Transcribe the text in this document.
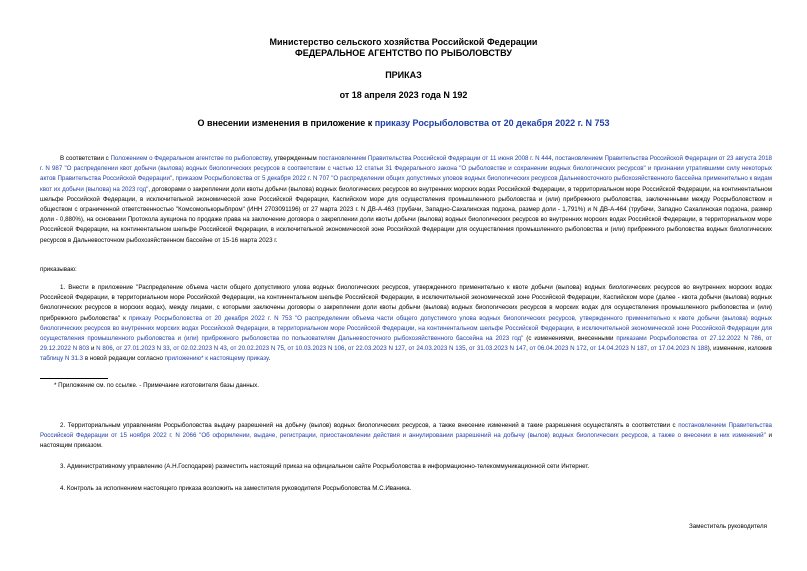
Министерство сельского хозяйства Российской Федерации
ФЕДЕРАЛЬНОЕ АГЕНТСТВО ПО РЫБОЛОВСТВУ
ПРИКАЗ
от 18 апреля 2023 года N 192
О внесении изменения в приложение к приказу Росрыболовства от 20 декабря 2022 г. N 753

В соответствии с Положением о Федеральном агентстве по рыболовству, утвержденным постановлением Правительства Российской Федерации от 11 июня 2008 г. N 444, постановлением Правительства Российской Федерации от 23 августа 2018 г. N 987 "О распределении квот добычи (вылова) водных биологических ресурсов в соответствии с частью 12 статьи 31 Федерального закона "О рыболовстве и сохранении водных биологических ресурсов" и признании утратившими силу некоторых актов Правительства Российской Федерации", приказом Росрыболовства от 5 декабря 2022 г. N 707 "О распределении общих допустимых уловов водных биологических ресурсов Дальневосточного рыбохозяйственного бассейна применительно к видам квот их добычи (вылова) на 2023 год", договорами о закреплении доли квоты добычи (вылова) водных биологических ресурсов во внутренних морских водах Российской Федерации, в территориальном море Российской Федерации, на континентальном шельфе Российской Федерации, в исключительной экономической зоне Российской Федерации, Каспийском море для осуществления промышленного рыболовства и (или) прибрежного рыболовства, заключенными между Росрыболовством и обществом с ограниченной ответственностью "Комсомолькорыбпром" (ИНН 2703091196) от 27 марта 2023 г. N ДВ-А-463 (трубачи, Западно-Сахалинская подзона, размер доли - 1,791%) и N ДВ-А-464 (трубачи, Западно Сахалинская подзона, размер доли - 0,880%), на основании Протокола аукциона по продаже права на заключение договора о закреплении доли квоты добычи (вылова) водных биологических ресурсов во внутренних морских водах Российской Федерации, в территориальном море Российской Федерации, на континентальном шельфе Российской Федерации, в исключительной экономической зоне Российской Федерации для осуществления промышленного рыболовства и (или) прибрежного рыболовства водных биологических ресурсов в Дальневосточном рыбохозяйственном бассейне от 15-16 марта 2023 г.

приказываю:

1. Внести в приложение "Распределение объема части общего допустимого улова водных биологических ресурсов, утвержденного применительно к квоте добычи (вылова) водных биологических ресурсов во внутренних морских водах Российской Федерации, в территориальном море Российской Федерации, на континентальном шельфе Российской Федерации, в исключительной экономической зоне Российской Федерации, Каспийском море (далее - квота добычи (вылова) водных биологических ресурсов в морских водах), между лицами, с которыми заключены договоры о закреплении доли квоты добычи (вылова) водных биологических ресурсов в морских водах для осуществления промышленного рыболовства и (или) прибрежного рыболовства" к приказу Росрыболовства от 20 декабря 2022 г. N 753 "О распределении объема части общего допустимого улова водных биологических ресурсов, утвержденного применительно к квоте добычи (вылова) водных биологических ресурсов во внутренних морских водах Российской Федерации, в территориальном море Российской Федерации, на континентальном шельфе Российской Федерации, в исключительной экономической зоне Российской Федерации для осуществления промышленного рыболовства и (или) прибрежного рыболовства по пользователям Дальневосточного рыбохозяйственного бассейна на 2023 год" (с изменениями, внесенными приказами Росрыболовства от 27.12.2022 N 786, от 29.12.2022 N 803 и N 806, от 27.01.2023 N 33, от 02.02.2023 N 43, от 20.02.2023 N 75, от 10.03.2023 N 106, от 22.03.2023 N 127, от 24.03.2023 N 135, от 31.03.2023 N 147, от 06.04.2023 N 172, от 14.04.2023 N 187, от 17.04.2023 N 188), изменение, изложив таблицу N 31.3 в новой редакции согласно приложению* к настоящему приказу.

* Приложение см. по ссылке. - Примечание изготовителя базы данных.

2. Территориальным управлениям Росрыболовства выдачу разрешений на добычу (вылов) водных биологических ресурсов, а также внесение изменений в такие разрешения осуществлять в соответствии с постановлением Правительства Российской Федерации от 15 ноября 2022 г. N 2066 "Об оформлении, выдаче, регистрации, приостановлении действия и аннулировании разрешений на добычу (вылов) водных биологических ресурсов, а также о внесении в них изменений" и настоящим приказом.

3. Административному управлению (А.Н.Господарев) разместить настоящий приказ на официальном сайте Росрыболовства в информационно-телекоммуникационной сети Интернет.

4. Контроль за исполнением настоящего приказа возложить на заместителя руководителя Росрыболовства М.С.Иваника.

Заместитель руководителя
